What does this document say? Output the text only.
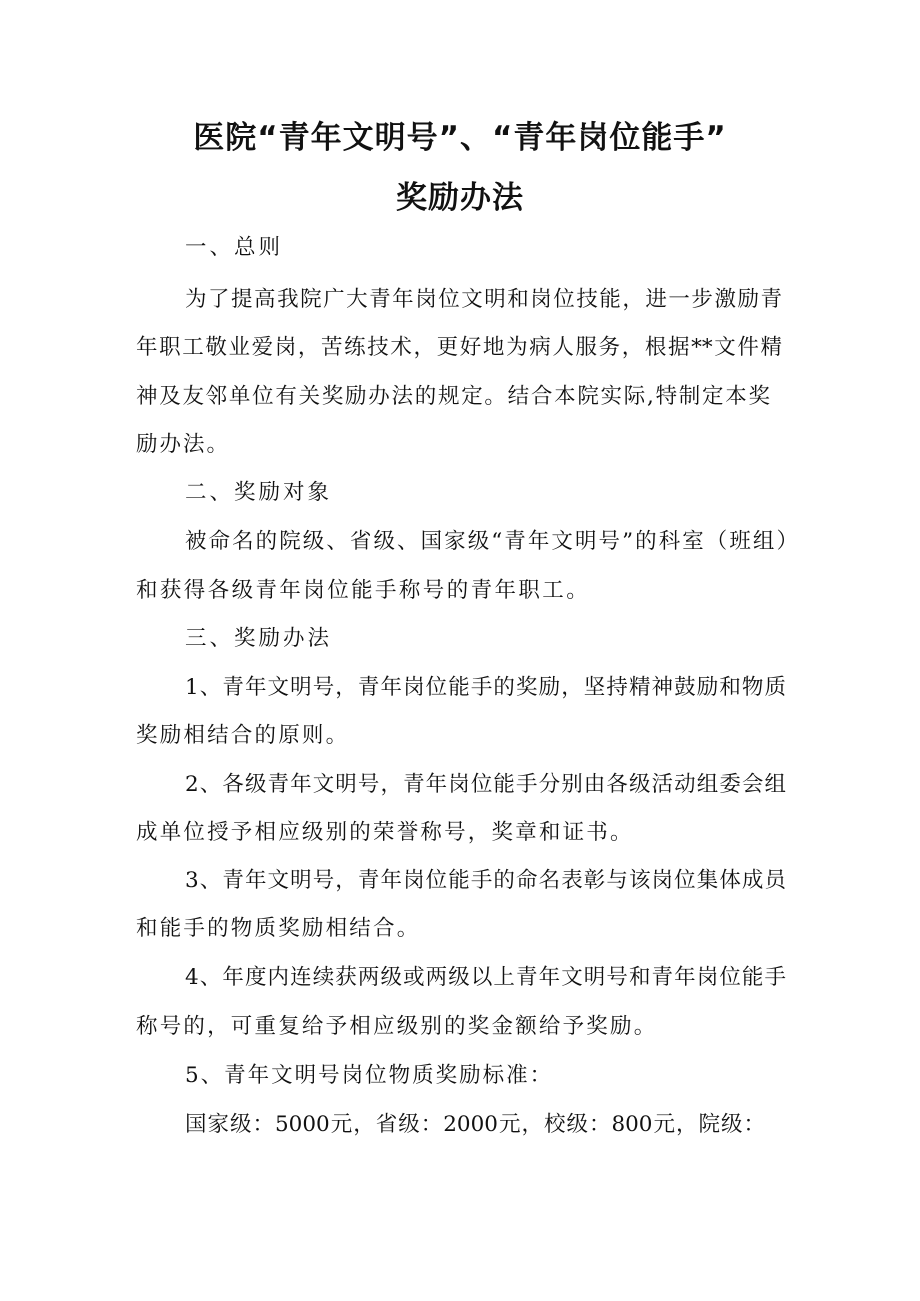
医院“青年文明号”、“青年岗位能手”
奖励办法
一、总则
为了提高我院广大青年岗位文明和岗位技能，进一步激励青
年职工敬业爱岗，苦练技术，更好地为病人服务，根据**文件精
神及友邻单位有关奖励办法的规定。结合本院实际,特制定本奖
励办法。
二、奖励对象
被命名的院级、省级、国家级“青年文明号”的科室（班组）
和获得各级青年岗位能手称号的青年职工。
三、奖励办法
1、青年文明号，青年岗位能手的奖励，坚持精神鼓励和物质
奖励相结合的原则。
2、各级青年文明号，青年岗位能手分别由各级活动组委会组
成单位授予相应级别的荣誉称号，奖章和证书。
3、青年文明号，青年岗位能手的命名表彰与该岗位集体成员
和能手的物质奖励相结合。
4、年度内连续获两级或两级以上青年文明号和青年岗位能手
称号的，可重复给予相应级别的奖金额给予奖励。
5、青年文明号岗位物质奖励标准：
国家级：5000元，省级：2000元，校级：800元，院级：
